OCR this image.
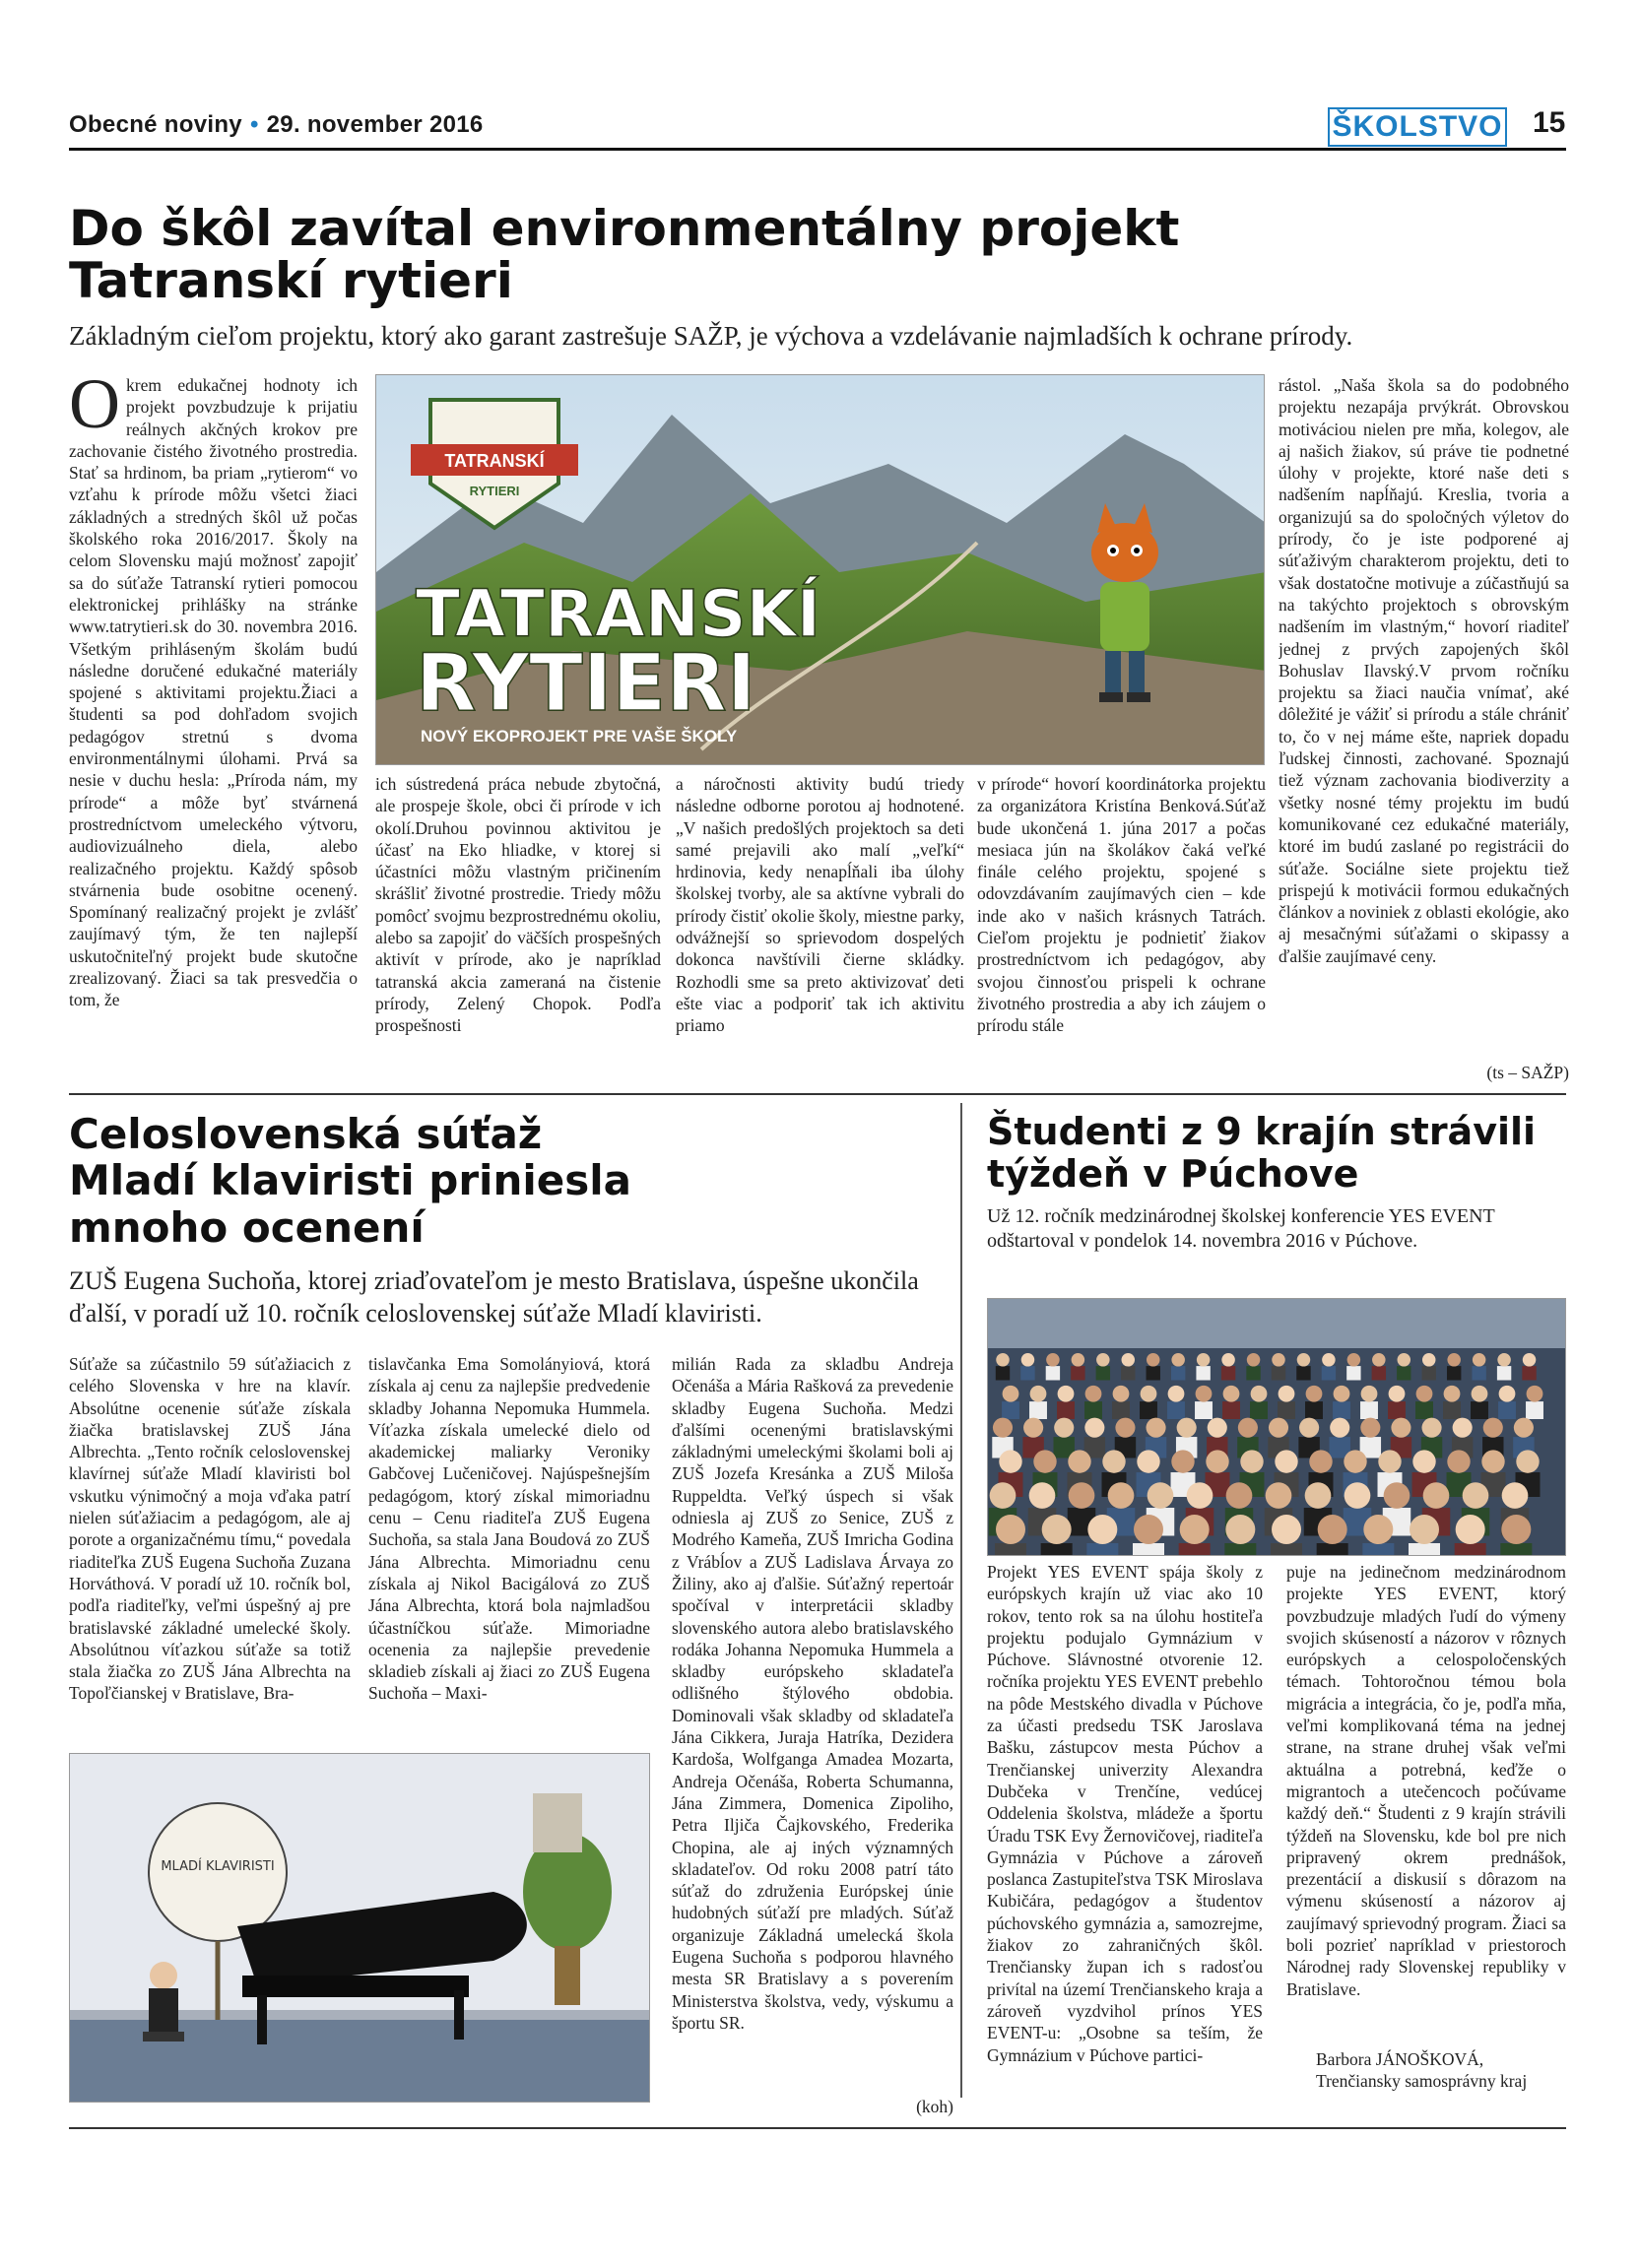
Obecné noviny • 29. november 2016	ŠKOLSTVO 15
Do škôl zavítal environmentálny projekt
Tatranskí rytieri
Základným cieľom projektu, ktorý ako garant zastrešuje SAŽP, je výchova a vzdelávanie najmladších k ochrane prírody.
Okrem edukačnej hodnoty ich projekt povzbudzuje k prijatiu reálnych akčných krokov pre zachovanie čistého životného prostredia. Stať sa hrdinom, ba priam „rytierom“ vo vzťahu k prírode môžu všetci žiaci základných a stredných škôl už počas školského roka 2016/2017. Školy na celom Slovensku majú možnosť zapojiť sa do súťaže Tatranskí rytieri pomocou elektronickej prihlášky na stránke www.tatrytieri.sk do 30. novembra 2016. Všetkým prihláseným školám budú následne doručené edukačné materiály spojené s aktivitami projektu.Žiaci a študenti sa pod dohľadom svojich pedagógov stretnú s dvoma environmentálnymi úlohami. Prvá sa nesie v duchu hesla: „Príroda nám, my prírode“ a môže byť stvárnená prostredníctvom umeleckého výtvoru, audiovizuálneho diela, alebo realizačného projektu. Každý spôsob stvárnenia bude osobitne ocenený. Spomínaný realizačný projekt je zvlášť zaujímavý tým, že ten najlepší uskutočniteľný projekt bude skutočne zrealizovaný. Žiaci sa tak presvedčia o tom, že
TATRANSKÍ
RYTIERI
TATRANSKÍ
RYTIERI
NOVÝ EKOPROJEKT PRE VAŠE ŠKOLY
ich sústredená práca nebude zbytočná, ale prospeje škole, obci či prírode v ich okolí.Druhou povinnou aktivitou je účasť na Eko hliadke, v ktorej si účastníci môžu vlastným pričinením skrášliť životné prostredie. Triedy môžu pomôcť svojmu bezprostrednému okoliu, alebo sa zapojiť do väčších prospešných aktivít v prírode, ako je napríklad tatranská akcia zameraná na čistenie prírody, Zelený Chopok. Podľa prospešnosti
a náročnosti aktivity budú triedy následne odborne porotou aj hodnotené.„V našich predošlých projektoch sa deti samé prejavili ako malí „veľkí“ hrdinovia, kedy nenapĺňali iba úlohy školskej tvorby, ale sa aktívne vybrali do prírody čistiť okolie školy, miestne parky, odvážnejší so sprievodom dospelých dokonca navštívili čierne skládky. Rozhodli sme sa preto aktivizovať deti ešte viac a podporiť tak ich aktivitu priamo
v prírode“ hovorí koordinátorka projektu za organizátora Kristína Benková.Súťaž bude ukončená 1. júna 2017 a počas mesiaca jún na školákov čaká veľké finále celého projektu, spojené s odovzdávaním zaujímavých cien – kde inde ako v našich krásnych Tatrách. Cieľom projektu je podnietiť žiakov prostredníctvom ich pedagógov, aby svojou činnosťou prispeli k ochrane životného prostredia a aby ich záujem o prírodu stále
rástol. „Naša škola sa do podobného projektu nezapája prvýkrát. Obrovskou motiváciou nielen pre mňa, kolegov, ale aj našich žiakov, sú práve tie podnetné úlohy v projekte, ktoré naše deti s nadšením napĺňajú. Kreslia, tvoria a organizujú sa do spoločných výletov do prírody, čo je iste podporené aj súťaživým charakterom projektu, deti to však dostatočne motivuje a zúčastňujú sa na takýchto projektoch s obrovským nadšením im vlastným,“ hovorí riaditeľ jednej z prvých zapojených škôl Bohuslav Ilavský.V prvom ročníku projektu sa žiaci naučia vnímať, aké dôležité je vážiť si prírodu a stále chrániť to, čo v nej máme ešte, napriek dopadu ľudskej činnosti, zachované. Spoznajú tiež význam zachovania biodiverzity a všetky nosné témy projektu im budú komunikované cez edukačné materiály, ktoré im budú zaslané po registrácii do súťaže. Sociálne siete projektu tiež prispejú k motivácii formou edukačných článkov a noviniek z oblasti ekológie, ako aj mesačnými súťažami o skipassy a ďalšie zaujímavé ceny.
(ts – SAŽP)
Celoslovenská súťaž
Mladí klaviristi priniesla
mnoho ocenení
ZUŠ Eugena Suchoňa, ktorej zriaďovateľom je mesto Bratislava, úspešne ukončila ďalší, v poradí už 10. ročník celoslovenskej súťaže Mladí klaviristi.
Súťaže sa zúčastnilo 59 súťažiacich z celého Slovenska v hre na klavír. Absolútne ocenenie súťaže získala žiačka bratislavskej ZUŠ Jána Albrechta. „Tento ročník celoslovenskej klavírnej súťaže Mladí klaviristi bol vskutku výnimočný a moja vďaka patrí nielen súťažiacim a pedagógom, ale aj porote a organizačnému tímu,“ povedala riaditeľka ZUŠ Eugena Suchoňa Zuzana Horváthová. V poradí už 10. ročník bol, podľa riaditeľky, veľmi úspešný aj pre bratislavské základné umelecké školy. Absolútnou víťazkou súťaže sa totiž stala žiačka zo ZUŠ Jána Albrechta na Topoľčianskej v Bratislave, Bra-
tislavčanka Ema Somolányiová, ktorá získala aj cenu za najlepšie predvedenie skladby Johanna Nepomuka Hummela. Víťazka získala umelecké dielo od akademickej maliarky Veroniky Gabčovej Lučeničovej. Najúspešnejším pedagógom, ktorý získal mimoriadnu cenu – Cenu riaditeľa ZUŠ Eugena Suchoňa, sa stala Jana Boudová zo ZUŠ Jána Albrechta. Mimoriadnu cenu získala aj Nikol Bacigálová zo ZUŠ Jána Albrechta, ktorá bola najmladšou účastníčkou súťaže. Mimoriadne ocenenia za najlepšie prevedenie skladieb získali aj žiaci zo ZUŠ Eugena Suchoňa – Maxi-
milián Rada za skladbu Andreja Očenáša a Mária Rašková za prevedenie skladby Eugena Suchoňa. Medzi ďalšími ocenenými bratislavskými základnými umeleckými školami boli aj ZUŠ Jozefa Kresánka a ZUŠ Miloša Ruppeldta. Veľký úspech si však odniesla aj ZUŠ zo Senice, ZUŠ z Modrého Kameňa, ZUŠ Imricha Godina z Vrábĺov a ZUŠ Ladislava Árvaya zo Žiliny, ako aj ďalšie. Súťažný repertoár spočíval v interpretácii skladby slovenského autora alebo bratislavského rodáka Johanna Nepomuka Hummela a skladby európskeho skladateľa odlišného štýlového obdobia. Dominovali však skladby od skladateľa Jána Cikkera, Juraja Hatríka, Dezidera Kardoša, Wolfganga Amadea Mozarta, Andreja Očenáša, Roberta Schumanna, Jána Zimmera, Domenica Zipoliho, Petra Iljiča Čajkovského, Frederika Chopina, ale aj iných významných skladateľov. Od roku 2008 patrí táto súťaž do združenia Európskej únie hudobných súťaží pre mladých. Súťaž organizuje Základná umelecká škola Eugena Suchoňa s podporou hlavného mesta SR Bratislavy a s poverením Ministerstva školstva, vedy, výskumu a športu SR.
(koh)
MLADÍ KLAVIRISTI
Študenti z 9 krajín strávili
týždeň v Púchove
Už 12. ročník medzinárodnej školskej konferencie YES EVENT odštartoval v pondelok 14. novembra 2016 v Púchove.
Projekt YES EVENT spája školy z európskych krajín už viac ako 10 rokov, tento rok sa na úlohu hostiteľa projektu podujalo Gymnázium v Púchove. Slávnostné otvorenie 12. ročníka projektu YES EVENT prebehlo na pôde Mestského divadla v Púchove za účasti predsedu TSK Jaroslava Bašku, zástupcov mesta Púchov a Trenčianskej univerzity Alexandra Dubčeka v Trenčíne, vedúcej Oddelenia školstva, mládeže a športu Úradu TSK Evy Žernovičovej, riaditeľa Gymnázia v Púchove a zároveň poslanca Zastupiteľstva TSK Miroslava Kubičára, pedagógov a študentov púchovského gymnázia a, samozrejme, žiakov zo zahraničných škôl. Trenčiansky župan ich s radosťou privítal na území Trenčianskeho kraja a zároveň vyzdvihol prínos YES EVENT-u: „Osobne sa teším, že Gymnázium v Púchove partici-
puje na jedinečnom medzinárodnom projekte YES EVENT, ktorý povzbudzuje mladých ľudí do výmeny svojich skúseností a názorov v rôznych európskych a celospoločenských témach. Tohtoročnou témou bola migrácia a integrácia, čo je, podľa mňa, veľmi komplikovaná téma na jednej strane, na strane druhej však veľmi aktuálna a potrebná, keďže o migrantoch a utečencoch počúvame každý deň.“ Študenti z 9 krajín strávili týždeň na Slovensku, kde bol pre nich pripravený okrem prednášok, prezentácií a diskusií s dôrazom na výmenu skúseností a názorov aj zaujímavý sprievodný program. Žiaci sa boli pozrieť napríklad v priestoroch Národnej rady Slovenskej republiky v Bratislave.
Barbora JÁNOŠKOVÁ,
Trenčiansky samosprávny kraj
